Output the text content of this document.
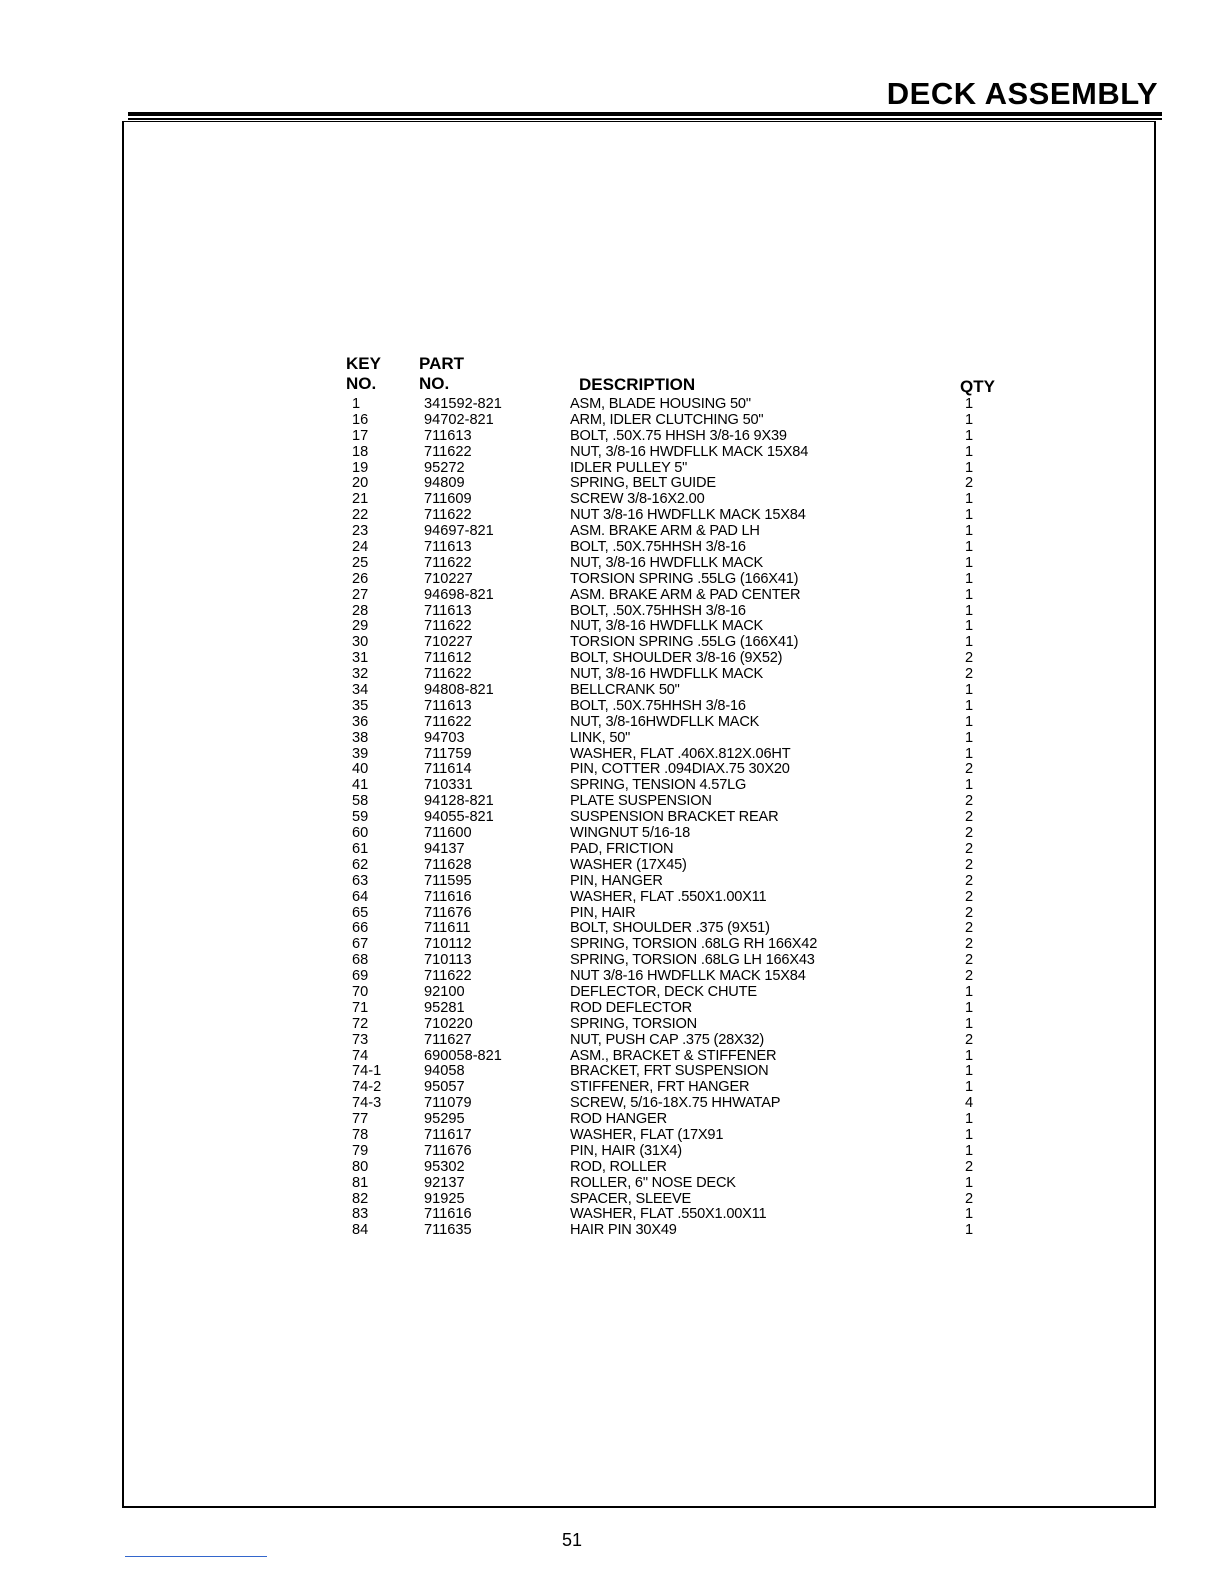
DECK ASSEMBLY
KEY
NO.
PART
NO.	DESCRIPTION	QTY
1	341592-821	ASM, BLADE HOUSING 50"	1
16	94702-821	ARM, IDLER CLUTCHING 50"	1
17	711613	BOLT, .50X.75 HHSH 3/8-16 9X39	1
18	711622	NUT, 3/8-16 HWDFLLK MACK 15X84	1
19	95272	IDLER PULLEY 5"	1
20	94809	SPRING, BELT GUIDE	2
21	711609	SCREW 3/8-16X2.00	1
22	711622	NUT 3/8-16 HWDFLLK MACK 15X84	1
23	94697-821	ASM. BRAKE ARM & PAD LH	1
24	711613	BOLT, .50X.75HHSH 3/8-16	1
25	711622	NUT, 3/8-16 HWDFLLK MACK	1
26	710227	TORSION SPRING .55LG (166X41)	1
27	94698-821	ASM. BRAKE ARM & PAD CENTER	1
28	711613	BOLT, .50X.75HHSH 3/8-16	1
29	711622	NUT, 3/8-16 HWDFLLK MACK	1
30	710227	TORSION SPRING .55LG (166X41)	1
31	711612	BOLT, SHOULDER 3/8-16 (9X52)	2
32	711622	NUT, 3/8-16 HWDFLLK MACK	2
34	94808-821	BELLCRANK 50"	1
35	711613	BOLT, .50X.75HHSH 3/8-16	1
36	711622	NUT, 3/8-16HWDFLLK MACK	1
38	94703	LINK, 50"	1
39	711759	WASHER, FLAT .406X.812X.06HT	1
40	711614	PIN, COTTER .094DIAX.75 30X20	2
41	710331	SPRING, TENSION 4.57LG	1
58	94128-821	PLATE SUSPENSION	2
59	94055-821	SUSPENSION BRACKET REAR	2
60	711600	WINGNUT 5/16-18	2
61	94137	PAD, FRICTION	2
62	711628	WASHER (17X45)	2
63	711595	PIN, HANGER	2
64	711616	WASHER, FLAT .550X1.00X11	2
65	711676	PIN, HAIR	2
66	711611	BOLT, SHOULDER .375 (9X51)	2
67	710112	SPRING, TORSION .68LG RH 166X42	2
68	710113	SPRING, TORSION .68LG LH 166X43	2
69	711622	NUT 3/8-16 HWDFLLK MACK 15X84	2
70	92100	DEFLECTOR, DECK CHUTE	1
71	95281	ROD DEFLECTOR	1
72	710220	SPRING, TORSION	1
73	711627	NUT, PUSH CAP .375 (28X32)	2
74	690058-821	ASM., BRACKET & STIFFENER	1
74-1	94058	BRACKET, FRT SUSPENSION	1
74-2	95057	STIFFENER, FRT HANGER	1
74-3	711079	SCREW, 5/16-18X.75 HHWATAP	4
77	95295	ROD HANGER	1
78	711617	WASHER, FLAT (17X91	1
79	711676	PIN, HAIR (31X4)	1
80	95302	ROD, ROLLER	2
81	92137	ROLLER, 6" NOSE DECK	1
82	91925	SPACER, SLEEVE	2
83	711616	WASHER, FLAT .550X1.00X11	1
84	711635	HAIR PIN 30X49	1
51
